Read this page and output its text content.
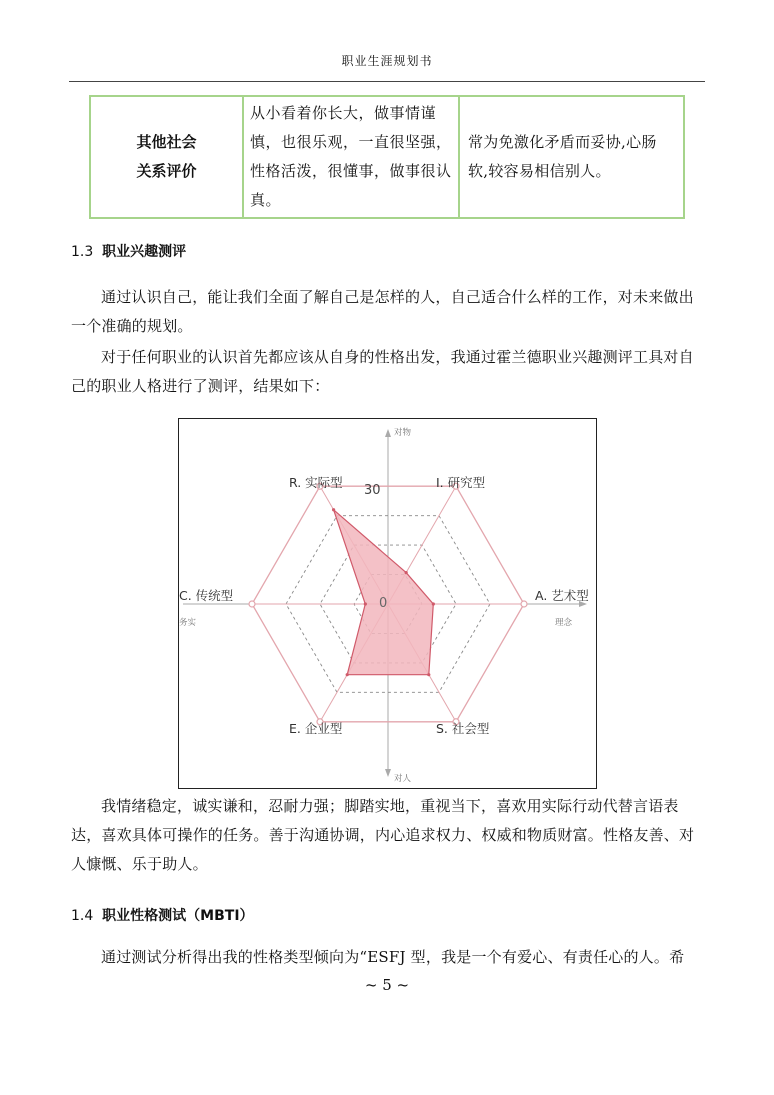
职业生涯规划书
其他社会
关系评价
	从小看着你长大，做事情谨慎，也很乐观，一直很坚强，性格活泼，很懂事，做事很认真。	常为免激化矛盾而妥协,心肠软,较容易相信别人。
1.3 职业兴趣测评
通过认识自己，能让我们全面了解自己是怎样的人，自己适合什么样的工作，对未来做出一个准确的规划。
对于任何职业的认识首先都应该从自身的性格出发，我通过霍兰德职业兴趣测评工具对自己的职业人格进行了测评，结果如下：
30
0
R. 实际型	I. 研究型
A. 艺术型
S. 社会型
E. 企业型
C. 传统型
对物
对人
务实	理念
我情绪稳定，诚实谦和，忍耐力强；脚踏实地，重视当下，喜欢用实际行动代替言语表达，喜欢具体可操作的任务。善于沟通协调，内心追求权力、权威和物质财富。性格友善、对人慷慨、乐于助人。
1.4 职业性格测试（MBTI）
通过测试分析得出我的性格类型倾向为“ESFJ 型，我是一个有爱心、有责任心的人。希
~ 5 ~
